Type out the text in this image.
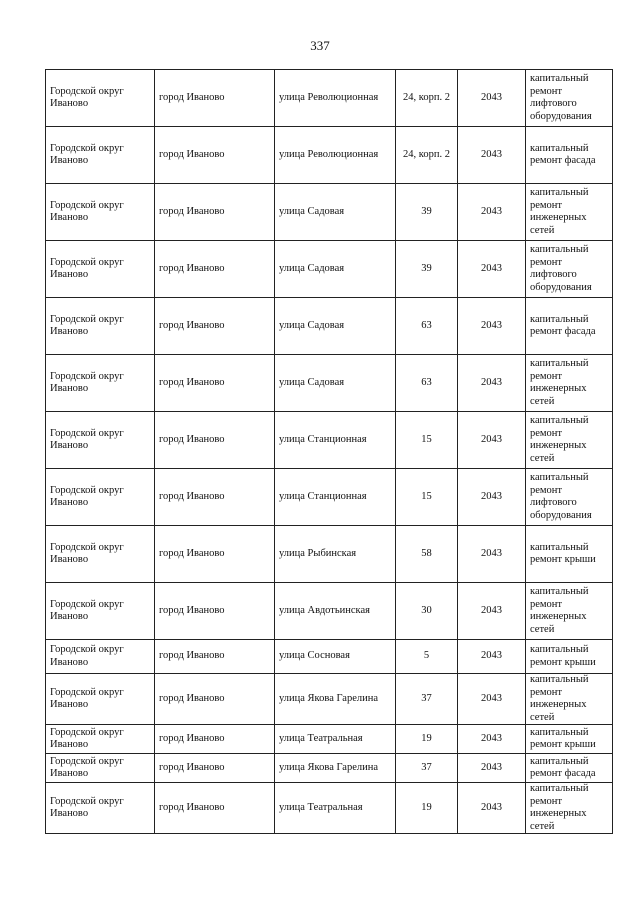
337
Городской округ Иваново	город Иваново	улица Революционная	24, корп. 2	2043	капитальный ремонт лифтового оборудования
Городской округ Иваново	город Иваново	улица Революционная	24, корп. 2	2043	капитальный ремонт фасада
Городской округ Иваново	город Иваново	улица Садовая	39	2043	капитальный ремонт инженерных сетей
Городской округ Иваново	город Иваново	улица Садовая	39	2043	капитальный ремонт лифтового оборудования
Городской округ Иваново	город Иваново	улица Садовая	63	2043	капитальный ремонт фасада
Городской округ Иваново	город Иваново	улица Садовая	63	2043	капитальный ремонт инженерных сетей
Городской округ Иваново	город Иваново	улица Станционная	15	2043	капитальный ремонт инженерных сетей
Городской округ Иваново	город Иваново	улица Станционная	15	2043	капитальный ремонт лифтового оборудования
Городской округ Иваново	город Иваново	улица Рыбинская	58	2043	капитальный ремонт крыши
Городской округ Иваново	город Иваново	улица Авдотьинская	30	2043	капитальный ремонт инженерных сетей
Городской округ Иваново	город Иваново	улица Сосновая	5	2043	капитальный ремонт крыши
Городской округ Иваново	город Иваново	улица Якова Гарелина	37	2043	капитальный ремонт инженерных сетей
Городской округ Иваново	город Иваново	улица Театральная	19	2043	капитальный ремонт крыши
Городской округ Иваново	город Иваново	улица Якова Гарелина	37	2043	капитальный ремонт фасада
Городской округ Иваново	город Иваново	улица Театральная	19	2043	капитальный ремонт инженерных сетей
